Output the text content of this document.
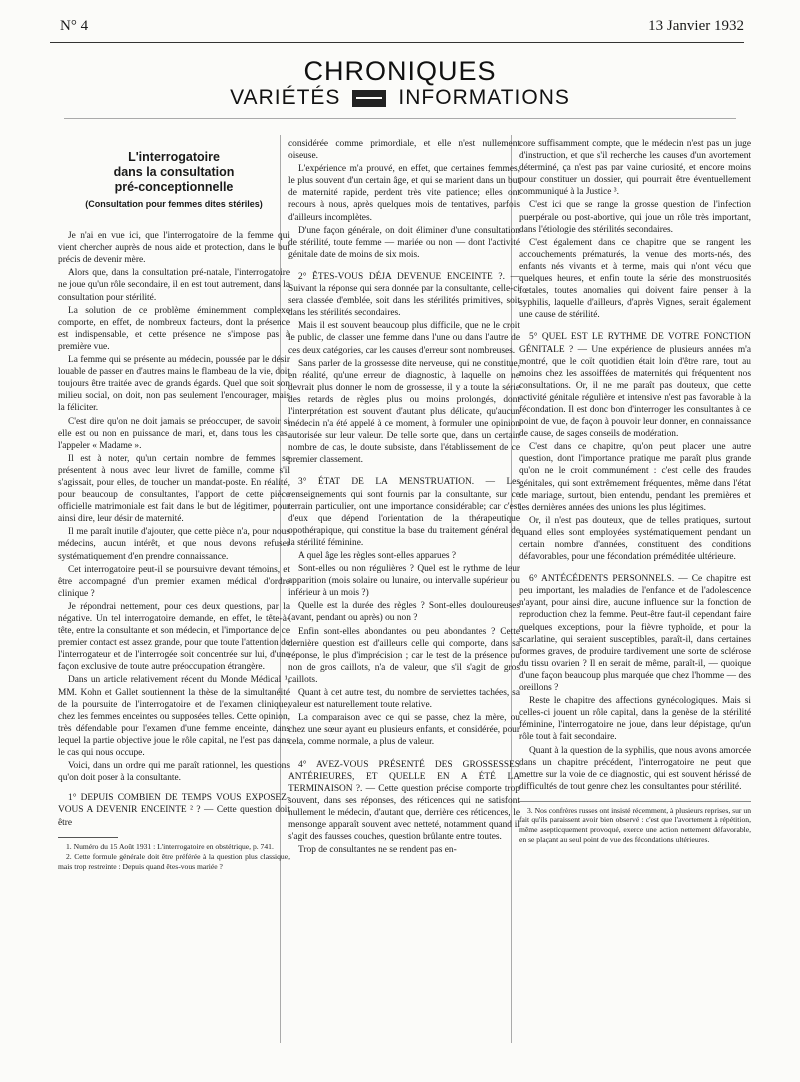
N° 4	13 Janvier 1932
CHRONIQUES
VARIÉTÉS	INFORMATIONS
L'interrogatoire
dans la consultation
pré-conceptionnelle
(Consultation pour femmes dites stériles)

Je n'ai en vue ici, que l'interrogatoire de la femme qui vient chercher auprès de nous aide et protection, dans le but précis de devenir mère.

Alors que, dans la consultation pré-natale, l'interrogatoire ne joue qu'un rôle secondaire, il en est tout autrement, dans la consultation pour stérilité.

La solution de ce problème éminemment complexe comporte, en effet, de nombreux facteurs, dont la présence est indispensable, et cette présence ne s'impose pas à première vue.

La femme qui se présente au médecin, poussée par le désir louable de passer en d'autres mains le flambeau de la vie, doit toujours être traitée avec de grands égards. Quel que soit son milieu social, on doit, non pas seulement l'encourager, mais la féliciter.

C'est dire qu'on ne doit jamais se préoccuper, de savoir si elle est ou non en puissance de mari, et, dans tous les cas, l'appeler « Madame ».

Il est à noter, qu'un certain nombre de femmes se présentent à nous avec leur livret de famille, comme s'il s'agissait, pour elles, de toucher un mandat-poste. En réalité, pour beaucoup de consultantes, l'apport de cette pièce officielle matrimoniale est fait dans le but de légitimer, pour ainsi dire, leur désir de maternité.

Il me paraît inutile d'ajouter, que cette pièce n'a, pour nous médecins, aucun intérêt, et que nous devons refuser systématiquement d'en prendre connaissance.

Cet interrogatoire peut-il se poursuivre devant témoins, et être accompagné d'un premier examen médical d'ordre clinique ?

Je répondrai nettement, pour ces deux questions, par la négative. Un tel interrogatoire demande, en effet, le tête-à-tête, entre la consultante et son médecin, et l'importance de ce premier contact est assez grande, pour que toute l'attention de l'interrogateur et de l'interrogée soit concentrée sur lui, d'une façon exclusive de toute autre préoccupation étrangère.

Dans un article relativement récent du Monde Médical ¹, MM. Kohn et Gallet soutiennent la thèse de la simultanéité de la poursuite de l'interrogatoire et de l'examen clinique, chez les femmes enceintes ou supposées telles. Cette opinion, très défendable pour l'examen d'une femme enceinte, dans lequel la partie objective joue le rôle capital, ne l'est pas dans le cas qui nous occupe.

Voici, dans un ordre qui me paraît rationnel, les questions qu'on doit poser à la consultante.

1° DEPUIS COMBIEN DE TEMPS VOUS EXPOSEZ-VOUS A DEVENIR ENCEINTE ² ? — Cette question doit être

1. Numéro du 15 Août 1931 : L'interrogatoire en obstétrique, p. 741.

2. Cette formule générale doit être préférée à la question plus classique, mais trop restreinte : Depuis quand êtes-vous mariée ?

considérée comme primordiale, et elle n'est nullement oiseuse.

L'expérience m'a prouvé, en effet, que certaines femmes, le plus souvent d'un certain âge, et qui se marient dans un but de maternité rapide, perdent très vite patience; elles ont recours à nous, après quelques mois de tentatives, parfois d'ailleurs incomplètes.

D'une façon générale, on doit éliminer d'une consultation de stérilité, toute femme — mariée ou non — dont l'activité génitale date de moins de six mois.

2° ÊTES-VOUS DÉJA DEVENUE ENCEINTE ?. — Suivant la réponse qui sera donnée par la consultante, celle-ci sera classée d'emblée, soit dans les stérilités primitives, soit dans les stérilités secondaires.

Mais il est souvent beaucoup plus difficile, que ne le croit le public, de classer une femme dans l'une ou dans l'autre de ces deux catégories, car les causes d'erreur sont nombreuses.

Sans parler de la grossesse dite nerveuse, qui ne constitue, en réalité, qu'une erreur de diagnostic, à laquelle on ne devrait plus donner le nom de grossesse, il y a toute la série des retards de règles plus ou moins prolongés, dont l'interprétation est souvent d'autant plus délicate, qu'aucun médecin n'a été appelé à ce moment, à formuler une opinion autorisée sur leur valeur. De telle sorte que, dans un certain nombre de cas, le doute subsiste, dans l'établissement de ce premier classement.

3° ÉTAT DE LA MENSTRUATION. — Les renseignements qui sont fournis par la consultante, sur ce terrain particulier, ont une importance considérable; car c'est d'eux que dépend l'orientation de la thérapeutique opothérapique, qui constitue la base du traitement général de la stérilité féminine.

A quel âge les règles sont-elles apparues ?

Sont-elles ou non régulières ? Quel est le rythme de leur apparition (mois solaire ou lunaire, ou intervalle supérieur ou inférieur à un mois ?)

Quelle est la durée des règles ? Sont-elles douloureuses (avant, pendant ou après) ou non ?

Enfin sont-elles abondantes ou peu abondantes ? Cette dernière question est d'ailleurs celle qui comporte, dans sa réponse, le plus d'imprécision ; car le test de la présence ou non de gros caillots, n'a de valeur, que s'il s'agit de gros caillots.

Quant à cet autre test, du nombre de serviettes tachées, sa valeur est naturellement toute relative.

La comparaison avec ce qui se passe, chez la mère, ou chez une sœur ayant eu plusieurs enfants, et considérée, pour cela, comme normale, a plus de valeur.

4° AVEZ-VOUS PRÉSENTÉ DES GROSSESSES ANTÉRIEURES, ET QUELLE EN A ÉTÉ LA TERMINAISON ?. — Cette question précise comporte trop souvent, dans ses réponses, des réticences qui ne satisfont nullement le médecin, d'autant que, derrière ces réticences, le mensonge apparaît souvent avec netteté, notamment quand il s'agit des fausses couches, question brûlante entre toutes.

Trop de consultantes ne se rendent pas en-

core suffisamment compte, que le médecin n'est pas un juge d'instruction, et que s'il recherche les causes d'un avortement déterminé, ça n'est pas par vaine curiosité, et encore moins pour constituer un dossier, qui pourrait être éventuellement communiqué à la Justice ³.

C'est ici que se range la grosse question de l'infection puerpérale ou post-abortive, qui joue un rôle très important, dans l'étiologie des stérilités secondaires.

C'est également dans ce chapitre que se rangent les accouchements prématurés, la venue des morts-nés, des enfants nés vivants et à terme, mais qui n'ont vécu que quelques heures, et enfin toute la série des monstruosités fœtales, toutes anomalies qui doivent faire penser à la syphilis, laquelle d'ailleurs, d'après Vignes, serait également une cause de stérilité.

5° QUEL EST LE RYTHME DE VOTRE FONCTION GÉNITALE ? — Une expérience de plusieurs années m'a montré, que le coït quotidien était loin d'être rare, tout au moins chez les assoiffées de maternités qui fréquentent nos consultations. Or, il ne me paraît pas douteux, que cette activité génitale régulière et intensive n'est pas favorable à la fécondation. Il est donc bon d'interroger les consultantes à ce point de vue, de façon à pouvoir leur donner, en connaissance de cause, de sages conseils de modération.

C'est dans ce chapitre, qu'on peut placer une autre question, dont l'importance pratique me paraît plus grande qu'on ne le croit communément : c'est celle des fraudes génitales, qui sont extrêmement fréquentes, même dans l'état de mariage, surtout, bien entendu, pendant les premières et les dernières années des unions les plus légitimes.

Or, il n'est pas douteux, que de telles pratiques, surtout quand elles sont employées systématiquement pendant un certain nombre d'années, constituent des conditions défavorables, pour une fécondation préméditée ultérieure.

6° ANTÉCÉDENTS PERSONNELS. — Ce chapitre est peu important, les maladies de l'enfance et de l'adolescence n'ayant, pour ainsi dire, aucune influence sur la fonction de reproduction chez la femme. Peut-être faut-il cependant faire quelques exceptions, pour la fièvre typhoïde, et pour la scarlatine, qui seraient susceptibles, paraît-il, dans certaines formes graves, de produire tardivement une sorte de sclérose du tissu ovarien ? Il en serait de même, paraît-il, — quoique d'une façon beaucoup plus marquée que chez l'homme — des oreillons ?

Reste le chapitre des affections gynécologiques. Mais si celles-ci jouent un rôle capital, dans la genèse de la stérilité féminine, l'interrogatoire ne joue, dans leur dépistage, qu'un rôle tout à fait secondaire.

Quant à la question de la syphilis, que nous avons amorcée dans un chapitre précédent, l'interrogatoire ne peut que mettre sur la voie de ce diagnostic, qui est souvent hérissé de difficultés de tout genre chez les consultantes pour stérilité.

3. Nos confrères russes ont insisté récemment, à plusieurs reprises, sur un fait qu'ils paraissent avoir bien observé : c'est que l'avortement à répétition, même asepticquement provoqué, exerce une action nettement défavorable, en se plaçant au seul point de vue des fécondations ultérieures.
